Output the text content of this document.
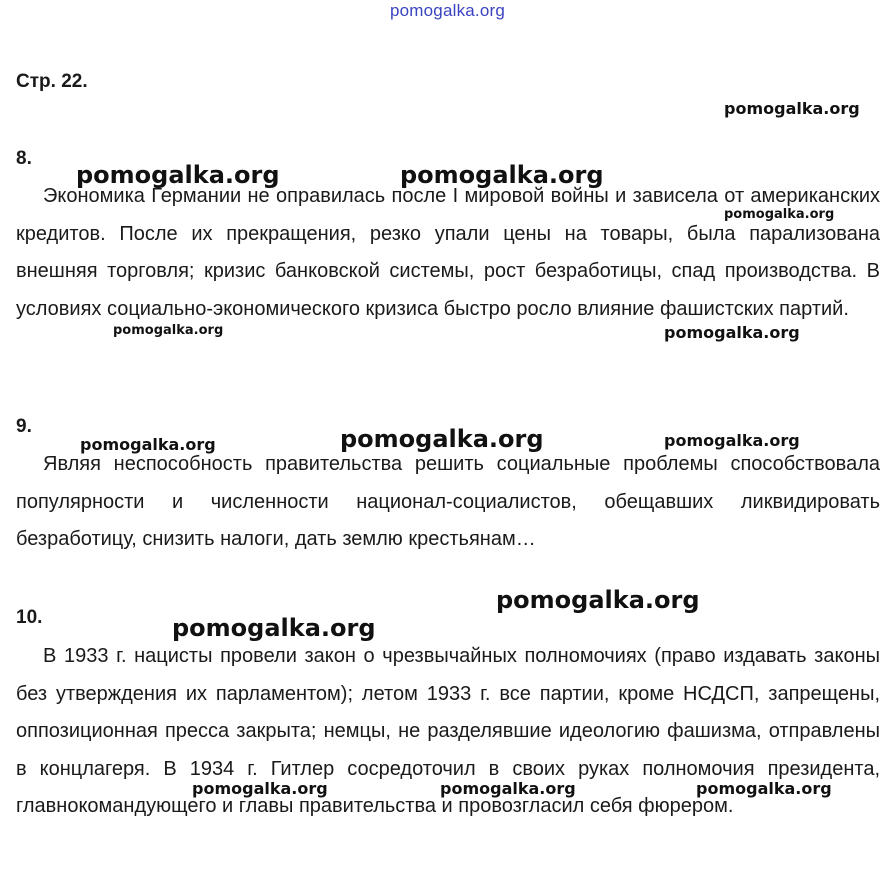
pomogalka.org
Стр. 22.
8.

Экономика Германии не оправилась после I мировой войны и зависела от американских кредитов. После их прекращения, резко упали цены на товары, была парализована внешняя торговля; кризис банковской системы, рост безработицы, спад производства. В условиях социально-экономического кризиса быстро росло влияние фашистских партий.

9.

Являя неспособность правительства решить социальные проблемы способствовала популярности и численности национал-социалистов, обещавших ликвидировать безработицу, снизить налоги, дать землю крестьянам…

10.

В 1933 г. нацисты провели закон о чрезвычайных полномочиях (право издавать законы без утверждения их парламентом); летом 1933 г. все партии, кроме НСДСП, запрещены, оппозиционная пресса закрыта; немцы, не разделявшие идеологию фашизма, отправлены в концлагеря. В 1934 г. Гитлер сосредоточил в своих руках полномочия президента, главнокомандующего и главы правительства и провозгласил себя фюрером.

pomogalka.org
pomogalka.org	pomogalka.org
pomogalka.org
pomogalka.org	pomogalka.org
pomogalka.org	pomogalka.org	pomogalka.org
pomogalka.org
pomogalka.org
pomogalka.org	pomogalka.org	pomogalka.org
